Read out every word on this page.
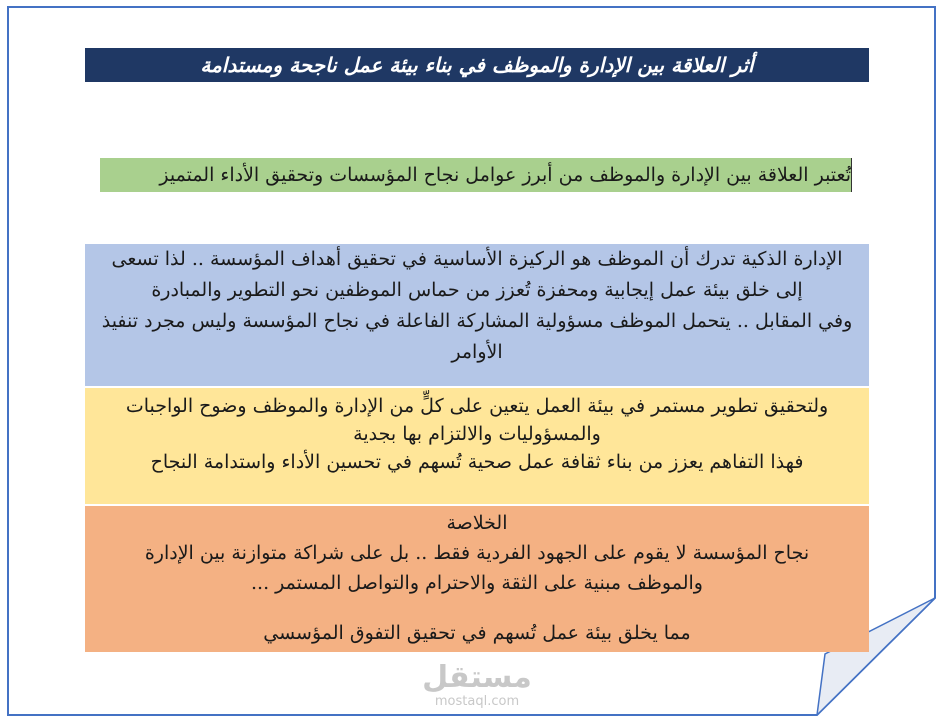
أثر العلاقة بين الإدارة والموظف في بناء بيئة عمل ناجحة ومستدامة
تُعتبر العلاقة بين الإدارة والموظف من أبرز عوامل نجاح المؤسسات وتحقيق الأداء المتميز

الإدارة الذكية تدرك أن الموظف هو الركيزة الأساسية في تحقيق أهداف المؤسسة .. لذا تسعى

إلى خلق بيئة عمل إيجابية ومحفزة تُعزز من حماس الموظفين نحو التطوير والمبادرة

وفي المقابل .. يتحمل الموظف مسؤولية المشاركة الفاعلة في نجاح المؤسسة وليس مجرد تنفيذ

الأوامر

ولتحقيق تطوير مستمر في بيئة العمل يتعين على كلٍّ من الإدارة والموظف وضوح الواجبات

والمسؤوليات والالتزام بها بجدية

فهذا التفاهم يعزز من بناء ثقافة عمل صحية تُسهم في تحسين الأداء واستدامة النجاح

الخلاصة

نجاح المؤسسة لا يقوم على الجهود الفردية فقط .. بل على شراكة متوازنة بين الإدارة

والموظف مبنية على الثقة والاحترام والتواصل المستمر ...

مما يخلق بيئة عمل تُسهم في تحقيق التفوق المؤسسي

مستقل
mostaql.com
